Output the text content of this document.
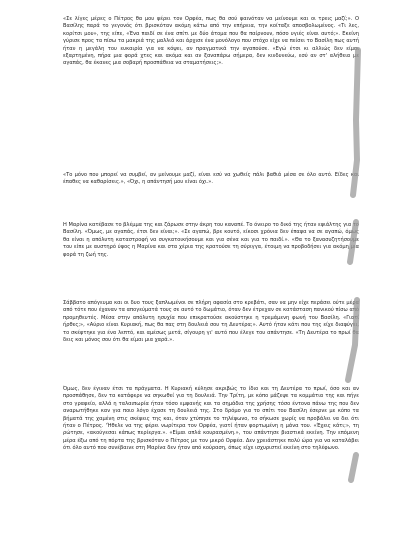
«Σε λίγες μέρες ο Πέτρος θα μου φέρει τον Ορφέα, πως θα σού φαινόταν να μείνουμε και οι τρεις μαζί;». Ο Βασίλης παρά το γεγονός ότι βρισκόταν ακόμη κάτω από την επήρεια, την κοίταξε αποσβολωμένος. «Τι λες, κορίτσι μου», της είπε, «Ένα παιδί σε ένα σπίτι με δύο άτομα που θα παίρνουν, πόσο υγιές είναι αυτό;». Εκείνη γύρισε προς τα πίσω τα μακριά της μαλλιά και άρχισε ένα μονόλογο που στόχο είχε να πείσει το Βασίλη πως αυτή ήταν η μεγάλη του ευκαιρία για να κόψει, αν πραγματικά την αγαπούσε. «Εγώ έτσι κι αλλιώς δεν είμαι εξαρτημένη, πήρα μια φορά χτες και ακόμα και αν ξαναπάρω σήμερα, δεν κινδυνεύω, εσύ αν στ' αλήθεια με αγαπάς, θα έκανες μια σοβαρή προσπάθεια να σταματήσεις;».

«Το μόνο που μπορεί να συμβεί, αν μείνουμε μαζί, είναι εσύ να χωθείς πάλι βαθιά μέσα σε όλο αυτό. Είδες και έπαθες να καθαρίσεις.», «Όχι, η απάντησή μου είναι όχι.».

Η Μαρίνα κατέβασε το βλέμμα της και ζάρωσε στην άκρη του καναπέ. Το όνειρο το δικό της ήταν εφιάλτης για το Βασίλη. «Όμως, με αγαπάς, έτσι δεν είναι;». «Σε αγαπώ, βρε κουτό, είκοσι χρόνια δεν έπαψα να σε αγαπώ, όμως θα είναι η απόλυτη καταστροφή να συγκατοικήσουμε και για σένα και για το παιδί.». «Θα το ξανασυζητήσουμε του είπε με αυστηρό ύφος η Μαρίνα και στα χέρια της κρατούσε τη σύριγγα, έτοιμη να προβοδήσει για ακόμη μια φορά τη ζωή της.

Σάββατο απόγευμα και οι δυο τους ξαπλωμένοι σε πλήρη αφασία στο κρεβάτι, σαν να μην είχε περάσει ούτε μέρα από τότε που έχαναν τα απογεύματά τους σε αυτό το δωμάτιο, όταν δεν έτρεχαν σε κατάσταση πανικού πίσω από προμηθευτές. Μέσα στην απόλυτη ησυχία που επικρατούσε ακούστηκε η τρεμάμενη φωνή του Βασίλη. «Γιατί ήρθες;», «Αύριο είναι Κυριακή, πως θα πας στη δουλειά σου τη Δευτέρα;». Αυτό ήταν κάτι που της είχε διαφύγει, το σκέφτηκε για ένα λεπτό, και αμέσως μετά, σίγουρη γι' αυτό που έλεγε του απάντησε. «Τη Δευτέρα το πρωί θα δεις και μόνος σου ότι θα είμαι μια χαρά.».

Όμως, δεν έγιναν έτσι τα πράγματα. Η Κυριακή κύλησε ακριβώς το ίδιο και τη Δευτέρα το πρωί, όσο και αν προσπάθησε, δεν τα κατάφερε να σηκωθεί για τη δουλειά. Την Τρίτη, με κόπο μάζεψε τα κομμάτια της και πήγε στο γραφείο, αλλά η ταλαιπωρία ήταν τόσο εμφανής και τα σημάδια της χρήσης τόσο έντονα πάνω της που δεν αναρωτήθηκε καν για ποιο λόγο έχασε τη δουλειά της. Στο δρόμο για το σπίτι του Βασίλη έσερνε με κόπο τα βήματά της χαμένη στις σκέψεις της και, όταν χτύπησε το τηλέφωνο, το σήκωσε χωρίς να προβάλει να δει ότι ήταν ο Πέτρος. 'Ήθελε να της φέρει νωρίτερα τον Ορφέα, γιατί ήταν φορτωμένη η μάνα του. «Έχεις κάτι;», τη ρώτησε, «ακούγεσαι κάπως περίεργα.». «Είμαι απλά κουρασμένη.», του απάντησε βιαστικά εκείνη. Την επόμενη μέρα έξω από τη πόρτα της βρισκόταν ο Πέτρος με τον μικρό Ορφέα. Δεν χρειάστηκε πολύ ώρα για να καταλάβει ότι όλο αυτό που συνέβαινε στη Μαρίνα δεν ήταν από κούραση, όπως είχε ισχυριστεί εκείνη στο τηλέφωνο.
